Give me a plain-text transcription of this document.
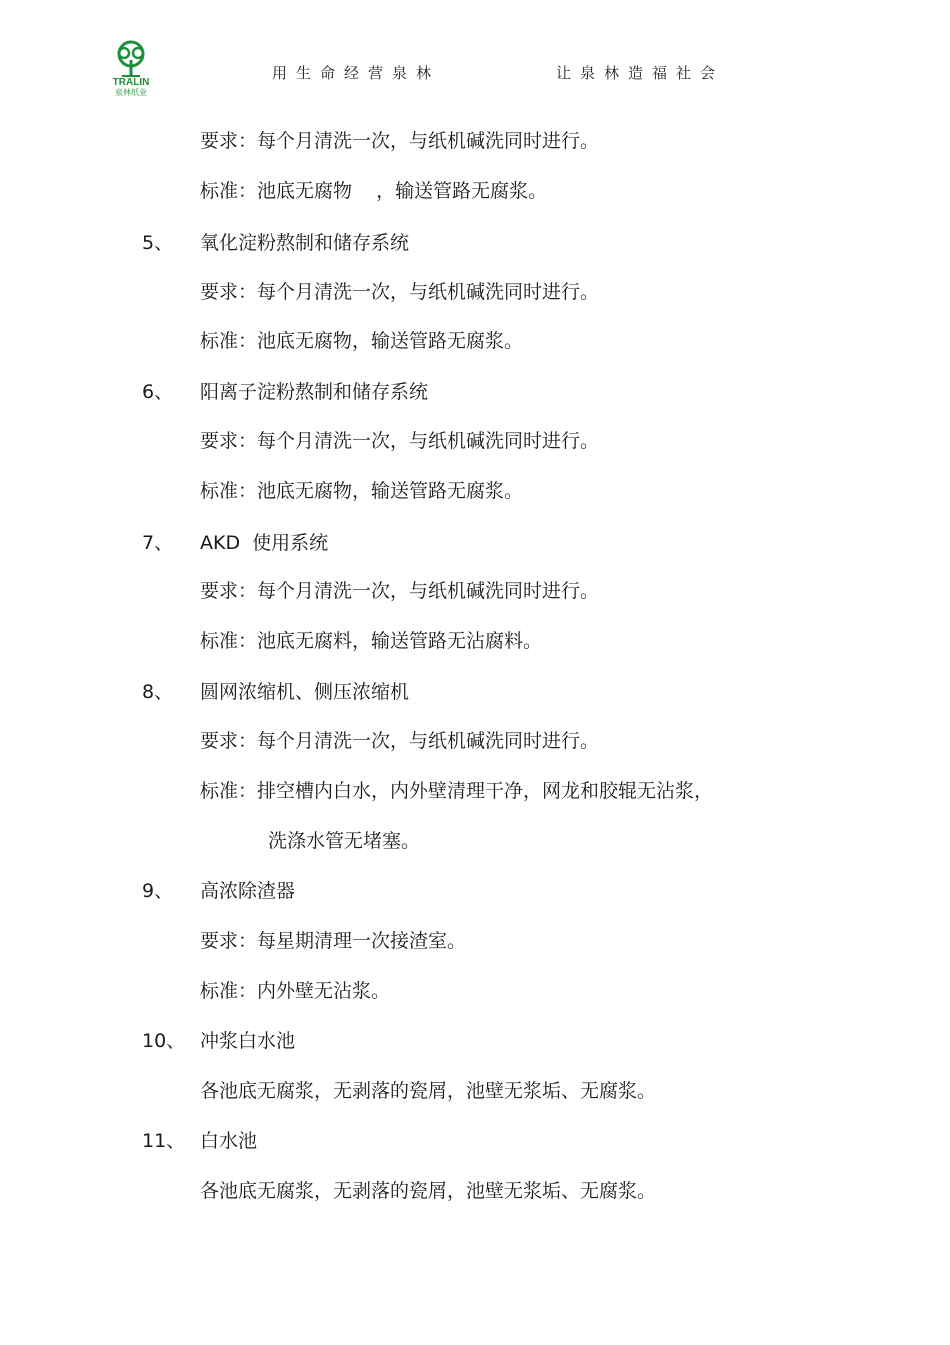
TRALIN
泉林纸业
用生命经营泉林	让泉林造福社会
要求：每个月清洗一次，与纸机碱洗同时进行。
标准：池底无腐物    ，输送管路无腐浆。
5、 氧化淀粉熬制和储存系统
要求：每个月清洗一次，与纸机碱洗同时进行。
标准：池底无腐物，输送管路无腐浆。
6、 阳离子淀粉熬制和储存系统
要求：每个月清洗一次，与纸机碱洗同时进行。
标准：池底无腐物，输送管路无腐浆。
7、 AKD  使用系统
要求：每个月清洗一次，与纸机碱洗同时进行。
标准：池底无腐料，输送管路无沾腐料。
8、 圆网浓缩机、侧压浓缩机
要求：每个月清洗一次，与纸机碱洗同时进行。
标准：排空槽内白水，内外壁清理干净，网龙和胶辊无沾浆，
洗涤水管无堵塞。
9、 高浓除渣器
要求：每星期清理一次接渣室。
标准：内外壁无沾浆。
10、 冲浆白水池
各池底无腐浆，无剥落的瓷屑，池壁无浆垢、无腐浆。
11、 白水池
各池底无腐浆，无剥落的瓷屑，池壁无浆垢、无腐浆。
